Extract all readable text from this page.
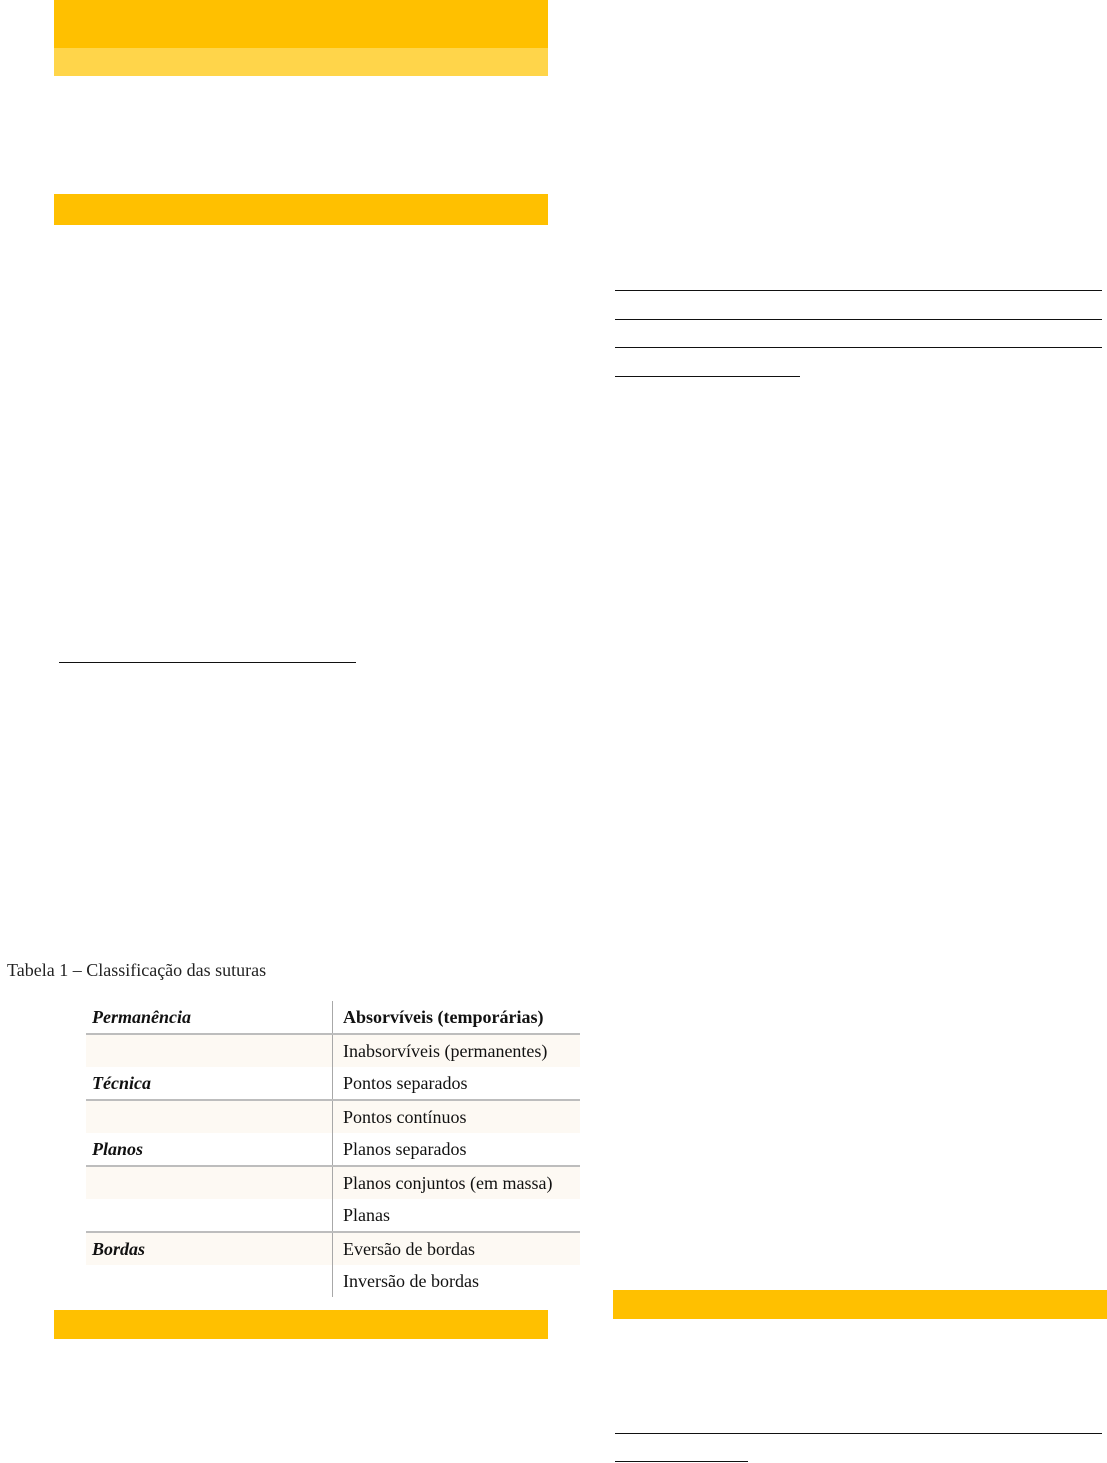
Tabela 1 – Classificação das suturas
Permanência	Absorvíveis (temporárias)
	Inabsorvíveis (permanentes)
Técnica	Pontos separados
	Pontos contínuos
Planos	Planos separados
	Planos conjuntos (em massa)
	Planas
Bordas	Eversão de bordas
	Inversão de bordas
